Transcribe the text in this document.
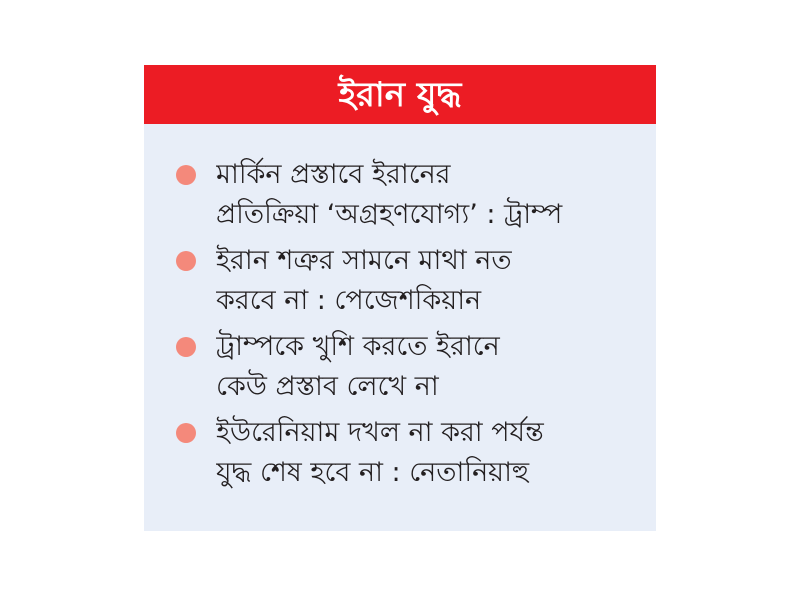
ইরান যুদ্ধ
মার্কিন প্রস্তাবে ইরানের
প্রতিক্রিয়া ‘অগ্রহণযোগ্য’ : ট্রাম্প
ইরান শত্রুর সামনে মাথা নত
করবে না : পেজেশকিয়ান
ট্রাম্পকে খুশি করতে ইরানে
কেউ প্রস্তাব লেখে না
ইউরেনিয়াম দখল না করা পর্যন্ত
যুদ্ধ শেষ হবে না : নেতানিয়াহু
